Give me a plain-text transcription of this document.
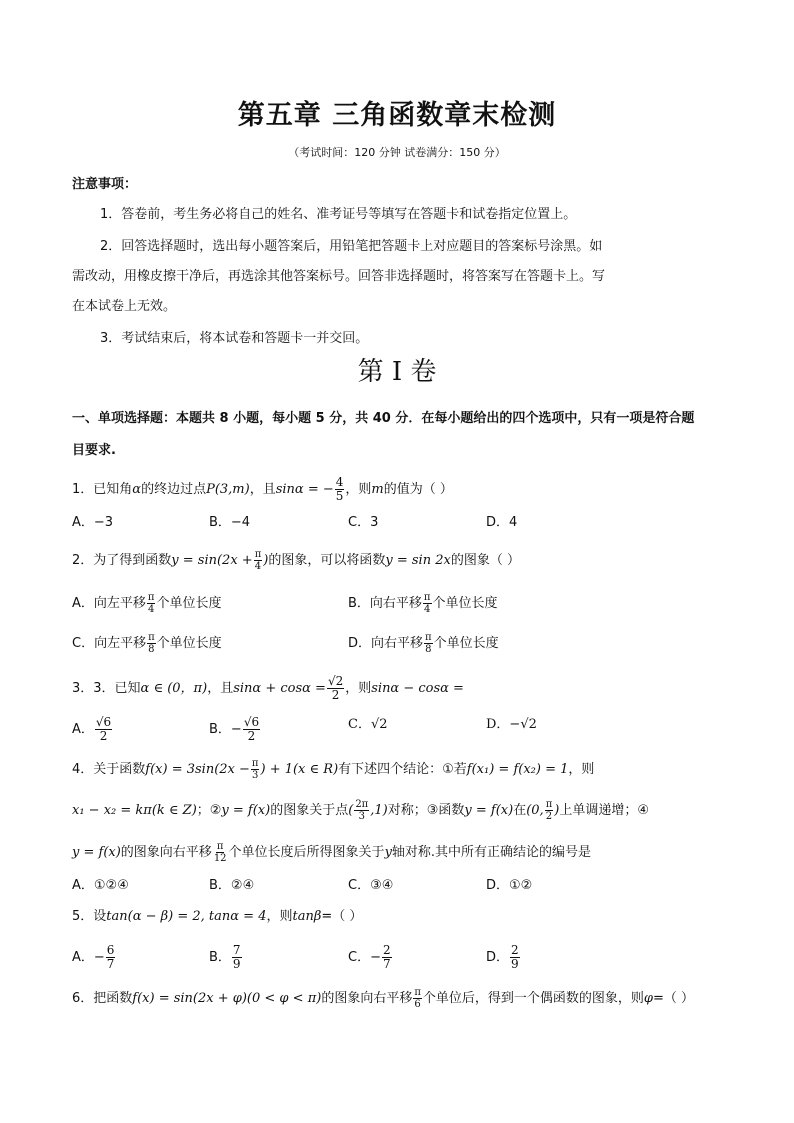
第五章 三角函数章末检测
（考试时间：120 分钟 试卷满分：150 分）
注意事项：
1．答卷前，考生务必将自己的姓名、准考证号等填写在答题卡和试卷指定位置上。
2．回答选择题时，选出每小题答案后，用铅笔把答题卡上对应题目的答案标号涂黑。如
需改动，用橡皮擦干净后，再选涂其他答案标号。回答非选择题时，将答案写在答题卡上。写
在本试卷上无效。
3．考试结束后，将本试卷和答题卡一并交回。
第 I 卷
一、单项选择题：本题共 8 小题，每小题 5 分，共 40 分．在每小题给出的四个选项中，只有一项是符合题
目要求.
1．已知角α的终边过点P(3,m)，且sinα = − $\frac{4}{5}$ ，则m的值为（ ）
A．−3	B．−4	C．3	D．4
2．为了得到函数$y = \sin(2x + \frac{\pi}{4}$ )的图象，可以将函数y = sin 2x的图象（ ）
A．向左平移 $\frac{\pi}{4}$ 个单位长度	B．向右平移 $\frac{\pi}{4}$ 个单位长度
C．向左平移 $\frac{\pi}{8}$ 个单位长度	D．向右平移 $\frac{\pi}{8}$ 个单位长度
3．3．已知α ∈ (0，π)，且$\sin\alpha + \cos\alpha = \frac{√2}{2}$ ，则sinα − cosα =
A． $\frac{√6}{2}$	B．− $\frac{√6}{2}$	C．√2	D．−√2
4．关于函数$f(x) = 3\sin(2x - \frac{\pi}{3}$ ) + 1(x ∈ R)有下述四个结论：①若f(x₁) = f(x₂) = 1，则
x₁ − x₂ = kπ(k ∈ Z)；②y = f(x)的图象关于点( $\frac{2\pi}{3} ,1$)对称；③函数y = f(x)在(0, $\frac{\pi}{2}$ )上单调递增；④
y = f(x)的图象向右平移 $\frac{\pi}{12}$ 个单位长度后所得图象关于y轴对称.其中所有正确结论的编号是
A．①②④	B．②④	C．③④	D．①②
5．设tan(α − β) = 2, tanα = 4，则tanβ=（ ）
A．− $\frac{6}{7}$	B． $\frac{7}{9}$	C．− $\frac{2}{7}$	D． $\frac{2}{9}$
6．把函数f(x) = sin(2x + φ)(0 < φ < π)的图象向右平移 $\frac{\pi}{6}$ 个单位后，得到一个偶函数的图象，则φ=（ ）
